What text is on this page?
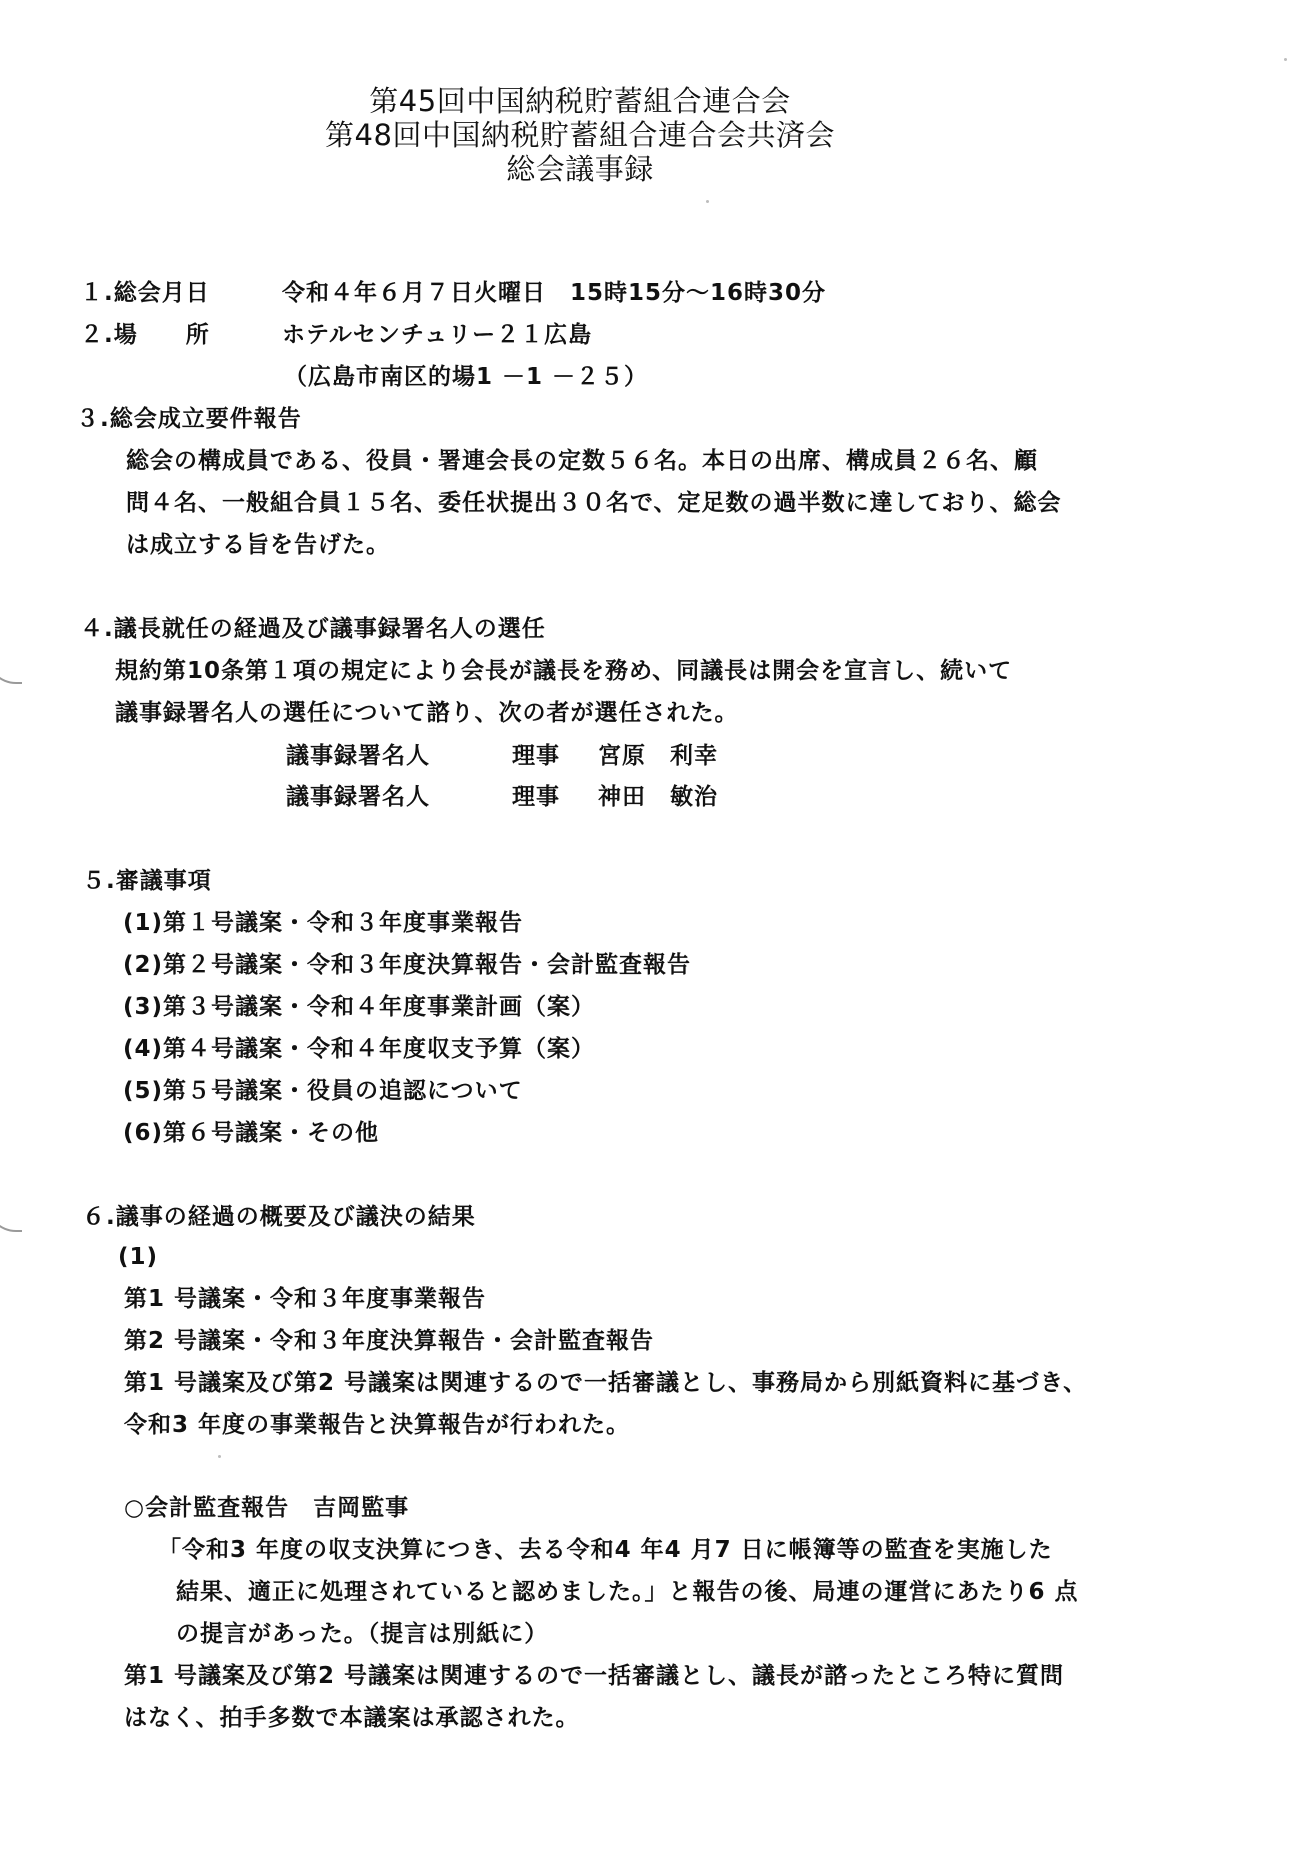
第45回中国納税貯蓄組合連合会
第48回中国納税貯蓄組合連合会共済会
総会議事録
１.総会月日	令和４年６月７日火曜日　15時15分～16時30分
２.場　　所	ホテルセンチュリー２１広島
（広島市南区的場1 －1 －２５）
３.総会成立要件報告
総会の構成員である、役員・署連会長の定数５６名。本日の出席、構成員２６名、顧
問４名、一般組合員１５名、委任状提出３０名で、定足数の過半数に達しており、総会
は成立する旨を告げた。
４.議長就任の経過及び議事録署名人の選任
規約第10条第１項の規定により会長が議長を務め、同議長は開会を宣言し、続いて
議事録署名人の選任について諮り、次の者が選任された。
議事録署名人	理事 宮原　利幸
議事録署名人	理事 神田　敏治
５.審議事項
(1)第１号議案・令和３年度事業報告
(2)第２号議案・令和３年度決算報告・会計監査報告
(3)第３号議案・令和４年度事業計画（案）
(4)第４号議案・令和４年度収支予算（案）
(5)第５号議案・役員の追認について
(6)第６号議案・その他
６.議事の経過の概要及び議決の結果
(1)
第1 号議案・令和３年度事業報告
第2 号議案・令和３年度決算報告・会計監査報告
第1 号議案及び第2 号議案は関連するので一括審議とし、事務局から別紙資料に基づき、
令和3 年度の事業報告と決算報告が行われた。
○会計監査報告　吉岡監事
「令和3 年度の収支決算につき、去る令和4 年4 月7 日に帳簿等の監査を実施した
結果、適正に処理されていると認めました。」と報告の後、局連の運営にあたり6 点
の提言があった。（提言は別紙に）
第1 号議案及び第2 号議案は関連するので一括審議とし、議長が諮ったところ特に質問
はなく、拍手多数で本議案は承認された。
